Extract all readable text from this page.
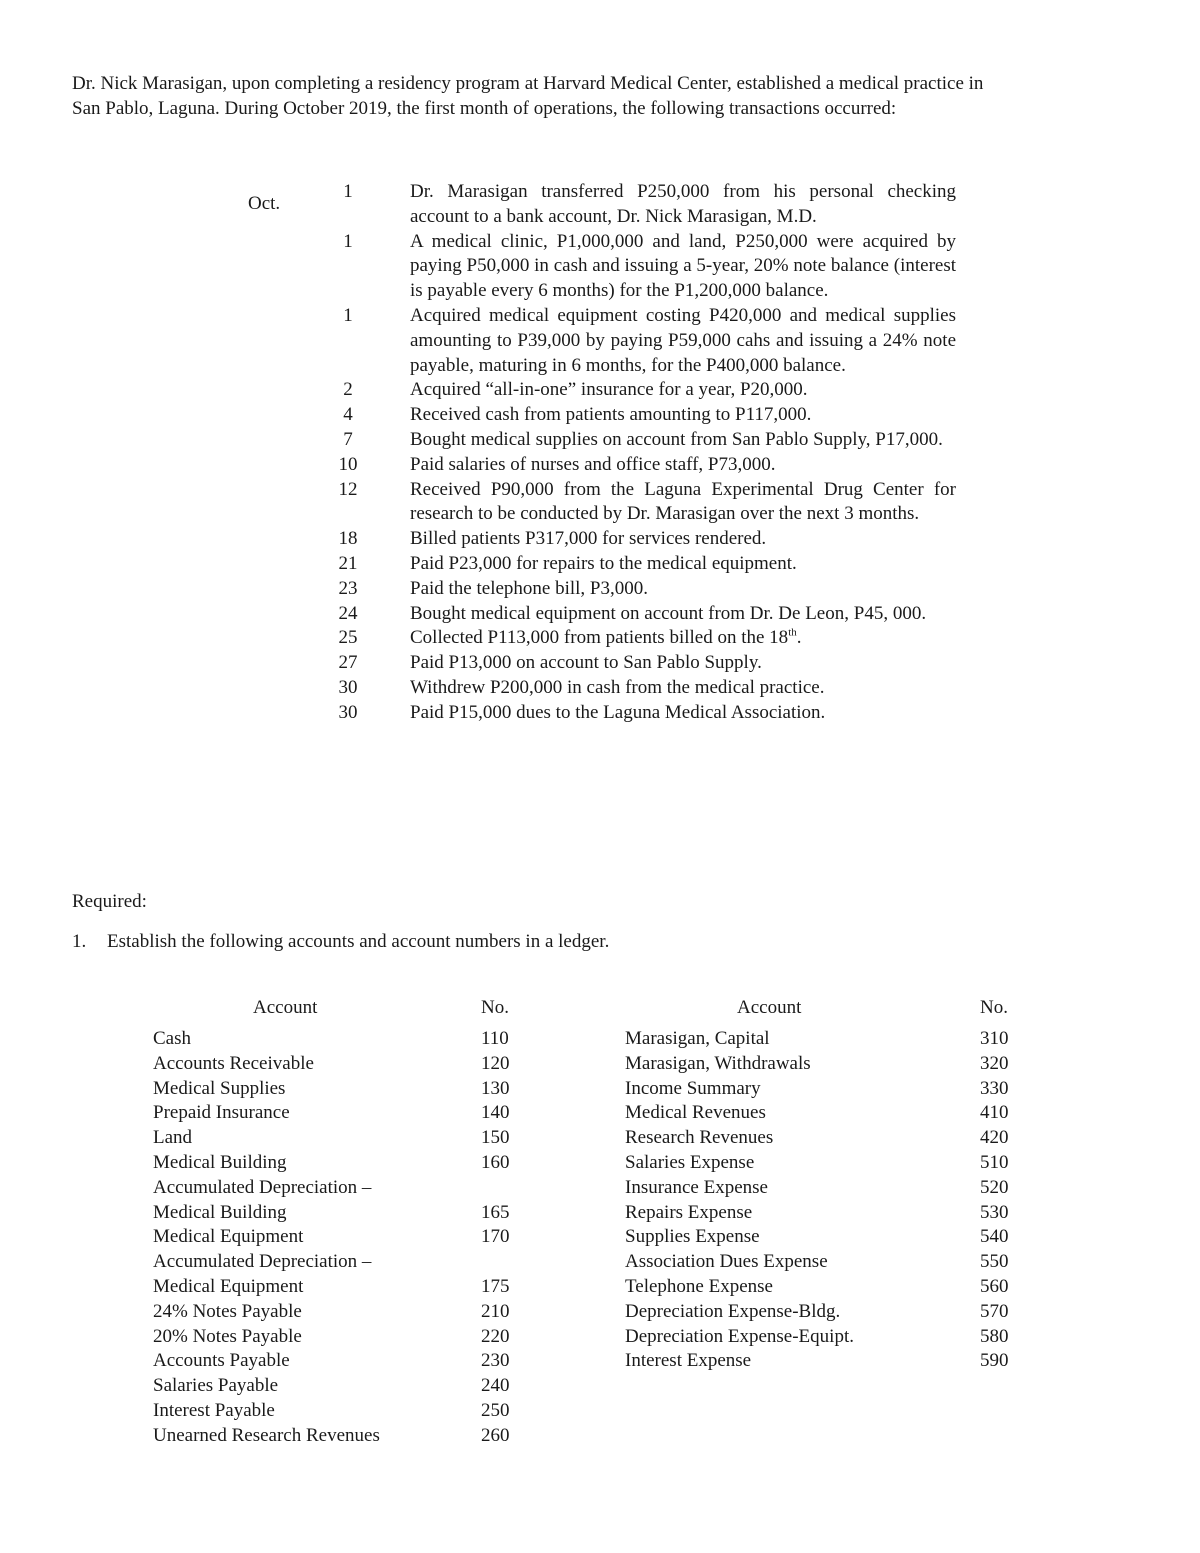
Dr. Nick Marasigan, upon completing a residency program at Harvard Medical Center, established a medical practice in

San Pablo, Laguna. During October 2019, the first month of operations, the following transactions occurred:

Oct.
1	Dr. Marasigan transferred P250,000 from his personal checking account to a bank account, Dr. Nick Marasigan, M.D.
1	A medical clinic, P1,000,000 and land, P250,000 were acquired by paying P50,000 in cash and issuing a 5-year, 20% note balance (interest is payable every 6 months) for the P1,200,000 balance.
1	Acquired medical equipment costing P420,000 and medical supplies amounting to P39,000 by paying P59,000 cahs and issuing a 24% note payable, maturing in 6 months, for the P400,000 balance.
2	Acquired “all-in-one” insurance for a year, P20,000.
4	Received cash from patients amounting to P117,000.
7	Bought medical supplies on account from San Pablo Supply, P17,000.
10	Paid salaries of nurses and office staff, P73,000.
12	Received P90,000 from the Laguna Experimental Drug Center for research to be conducted by Dr. Marasigan over the next 3 months.
18	Billed patients P317,000 for services rendered.
21	Paid P23,000 for repairs to the medical equipment.
23	Paid the telephone bill, P3,000.
24	Bought medical equipment on account from Dr. De Leon, P45, 000.
25	Collected P113,000 from patients billed on the 18th.
27	Paid P13,000 on account to San Pablo Supply.
30	Withdrew P200,000 in cash from the medical practice.
30	Paid P15,000 dues to the Laguna Medical Association.
Required:
1. Establish the following accounts and account numbers in a ledger.
Account	No.
Cash	110
Accounts Receivable	120
Medical Supplies	130
Prepaid Insurance	140
Land	150
Medical Building	160
Accumulated Depreciation –
Medical Building	165
Medical Equipment	170
Accumulated Depreciation –
Medical Equipment	175
24% Notes Payable	210
20% Notes Payable	220
Accounts Payable	230
Salaries Payable	240
Interest Payable	250
Unearned Research Revenues	260
Account	No.
Marasigan, Capital	310
Marasigan, Withdrawals	320
Income Summary	330
Medical Revenues	410
Research Revenues	420
Salaries Expense	510
Insurance Expense	520
Repairs Expense	530
Supplies Expense	540
Association Dues Expense	550
Telephone Expense	560
Depreciation Expense-Bldg.	570
Depreciation Expense-Equipt.	580
Interest Expense	590
